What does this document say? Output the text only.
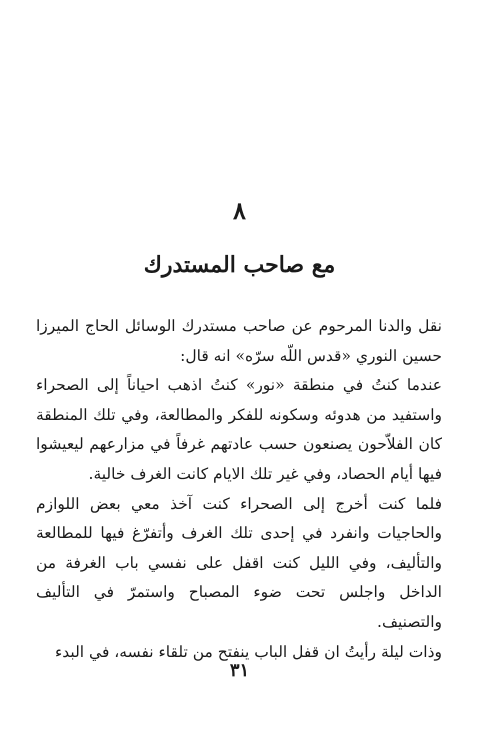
٨
مع صاحب المستدرك

نقل والدنا المرحوم عن صاحب مستدرك الوسائل الحاج الميرزا حسين النوري «قدس اللّه سرّه» انه قال:

عندما كنتُ في منطقة «نور» كنتُ اذهب احياناً إلى الصحراء واستفيد من هدوئه وسكونه للفكر والمطالعة، وفي تلك المنطقة كان الفلاّحون يصنعون حسب عادتهم غرفاً في مزارعهم ليعيشوا فيها أيام الحصاد، وفي غير تلك الايام كانت الغرف خالية.

فلما كنت أخرج إلى الصحراء كنت آخذ معي بعض اللوازم والحاجيات وانفرد في إحدى تلك الغرف وأتفرّغ فيها للمطالعة والتأليف، وفي الليل كنت اقفل على نفسي باب الغرفة من الداخل واجلس تحت ضوء المصباح واستمرّ في التأليف والتصنيف.

وذات ليلة رأيتُ ان قفل الباب ينفتح من تلقاء نفسه، في البدء

٣١
